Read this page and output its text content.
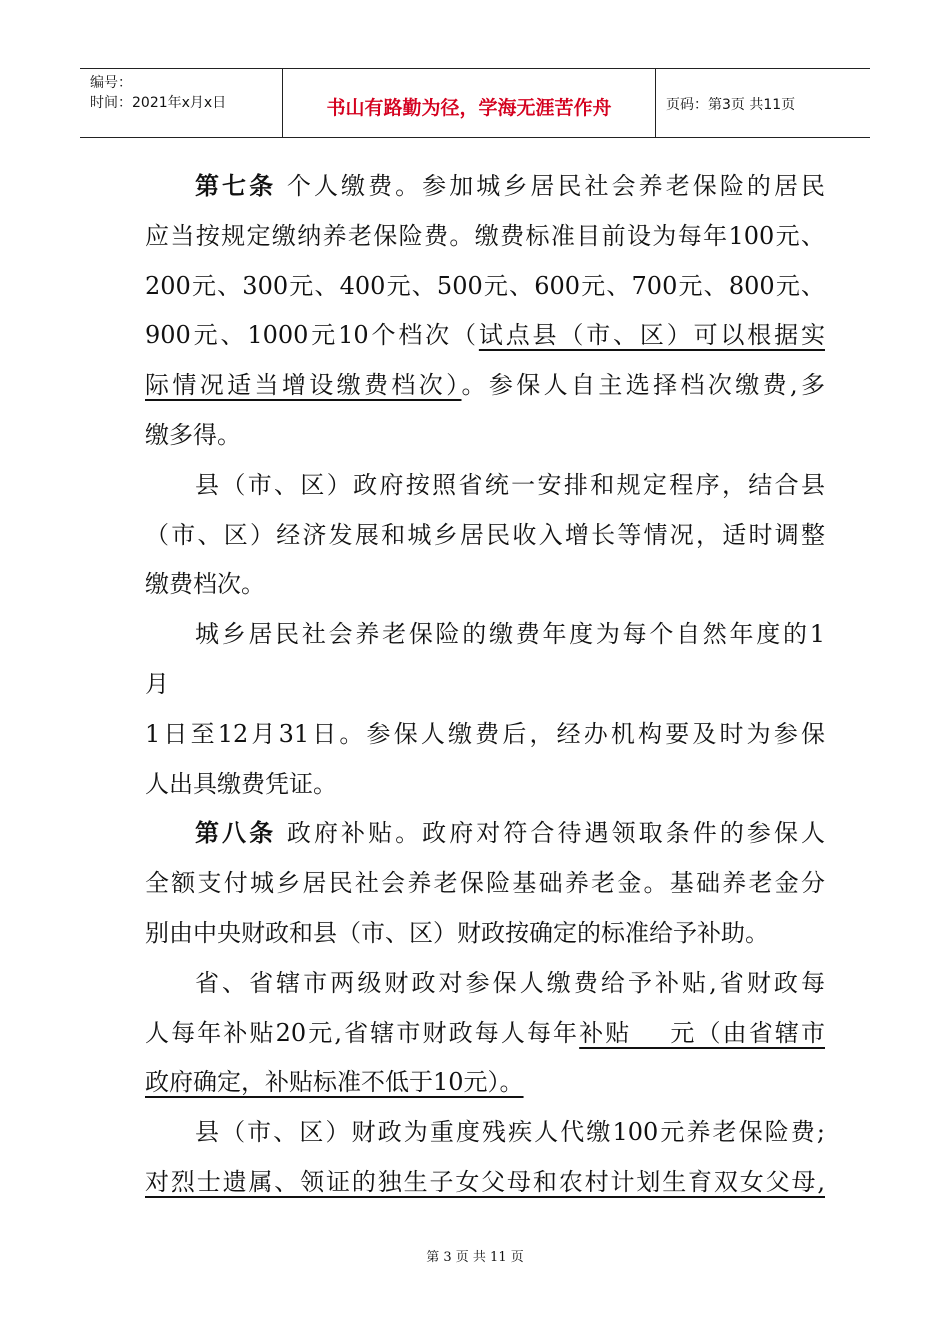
编号：
时间：2021年x月x日	书山有路勤为径，学海无涯苦作舟	页码：第3页 共11页
第七条 个人缴费。参加城乡居民社会养老保险的居民
应当按规定缴纳养老保险费。缴费标准目前设为每年100元、
200元、300元、400元、500元、600元、700元、800元、
900元、1000元10个档次（试点县（市、区）可以根据实
际情况适当增设缴费档次）。参保人自主选择档次缴费,多
缴多得。
县（市、区）政府按照省统一安排和规定程序，结合县
（市、区）经济发展和城乡居民收入增长等情况，适时调整
缴费档次。
城乡居民社会养老保险的缴费年度为每个自然年度的1
月
1日至12月31日。参保人缴费后，经办机构要及时为参保
人出具缴费凭证。
第八条 政府补贴。政府对符合待遇领取条件的参保人
全额支付城乡居民社会养老保险基础养老金。基础养老金分
别由中央财政和县（市、区）财政按确定的标准给予补助。
省、省辖市两级财政对参保人缴费给予补贴,省财政每
人每年补贴20元,省辖市财政每人每年补贴    元（由省辖市
政府确定，补贴标准不低于10元）。
县（市、区）财政为重度残疾人代缴100元养老保险费;
对烈士遗属、领证的独生子女父母和农村计划生育双女父母,
第 3 页 共 11 页
